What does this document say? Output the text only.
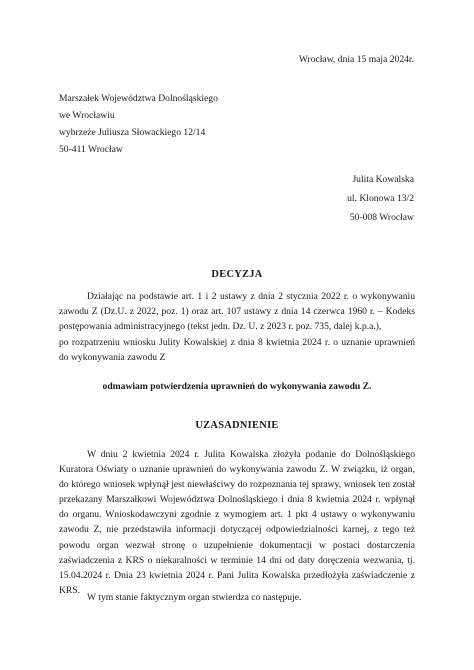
Wrocław, dnia 15 maja 2024r.
Marszałek Województwa Dolnośląskiego
we Wrocławiu
wybrzeże Juliusza Słowackiego 12/14
50-411 Wrocław
Julita Kowalska
ul. Klonowa 13/2
50-008 Wrocław
DECYZJA
Działając na podstawie art. 1 i 2 ustawy z dnia 2 stycznia 2022 r. o wykonywaniu zawodu Z (Dz.U. z 2022, poz. 1) oraz art. 107 ustawy z dnia 14 czerwca 1960 r. – Kodeks postępowania administracyjnego (tekst jedn. Dz. U. z 2023 r. poz. 735, dalej k.p.a.),
po rozpatrzeniu wniosku Julity Kowalskiej z dnia 8 kwietnia 2024 r. o uznanie uprawnień do wykonywania zawodu Z
odmawiam potwierdzenia uprawnień do wykonywania zawodu Z.
UZASADNIENIE
W dniu 2 kwietnia 2024 r. Julita Kowalska złożyła podanie do Dolnośląskiego Kuratora Oświaty o uznanie uprawnień do wykonywania zawodu Z. W związku, iż organ, do którego wniosek wpłynął jest niewłaściwy do rozpoznania tej sprawy, wniosek ten został przekazany Marszałkowi Województwa Dolnośląskiego i dnia 8 kwietnia 2024 r. wpłynął do organu. Wnioskodawczyni zgodnie z wymogiem art. 1 pkt 4 ustawy o wykonywaniu zawodu Z, nie przedstawiła informacji dotyczącej odpowiedzialności karnej, z tego też powodu organ wezwał stronę o uzupełnienie dokumentacji w postaci dostarczenia zaświadczenia z KRS o niekaralności w terminie 14 dni od daty doręczenia wezwania, tj. 15.04.2024 r. Dnia 23 kwietnia 2024 r. Pani Julita Kowalska przedłożyła zaświadczenie z KRS.
W tym stanie faktycznym organ stwierdza co następuje.
